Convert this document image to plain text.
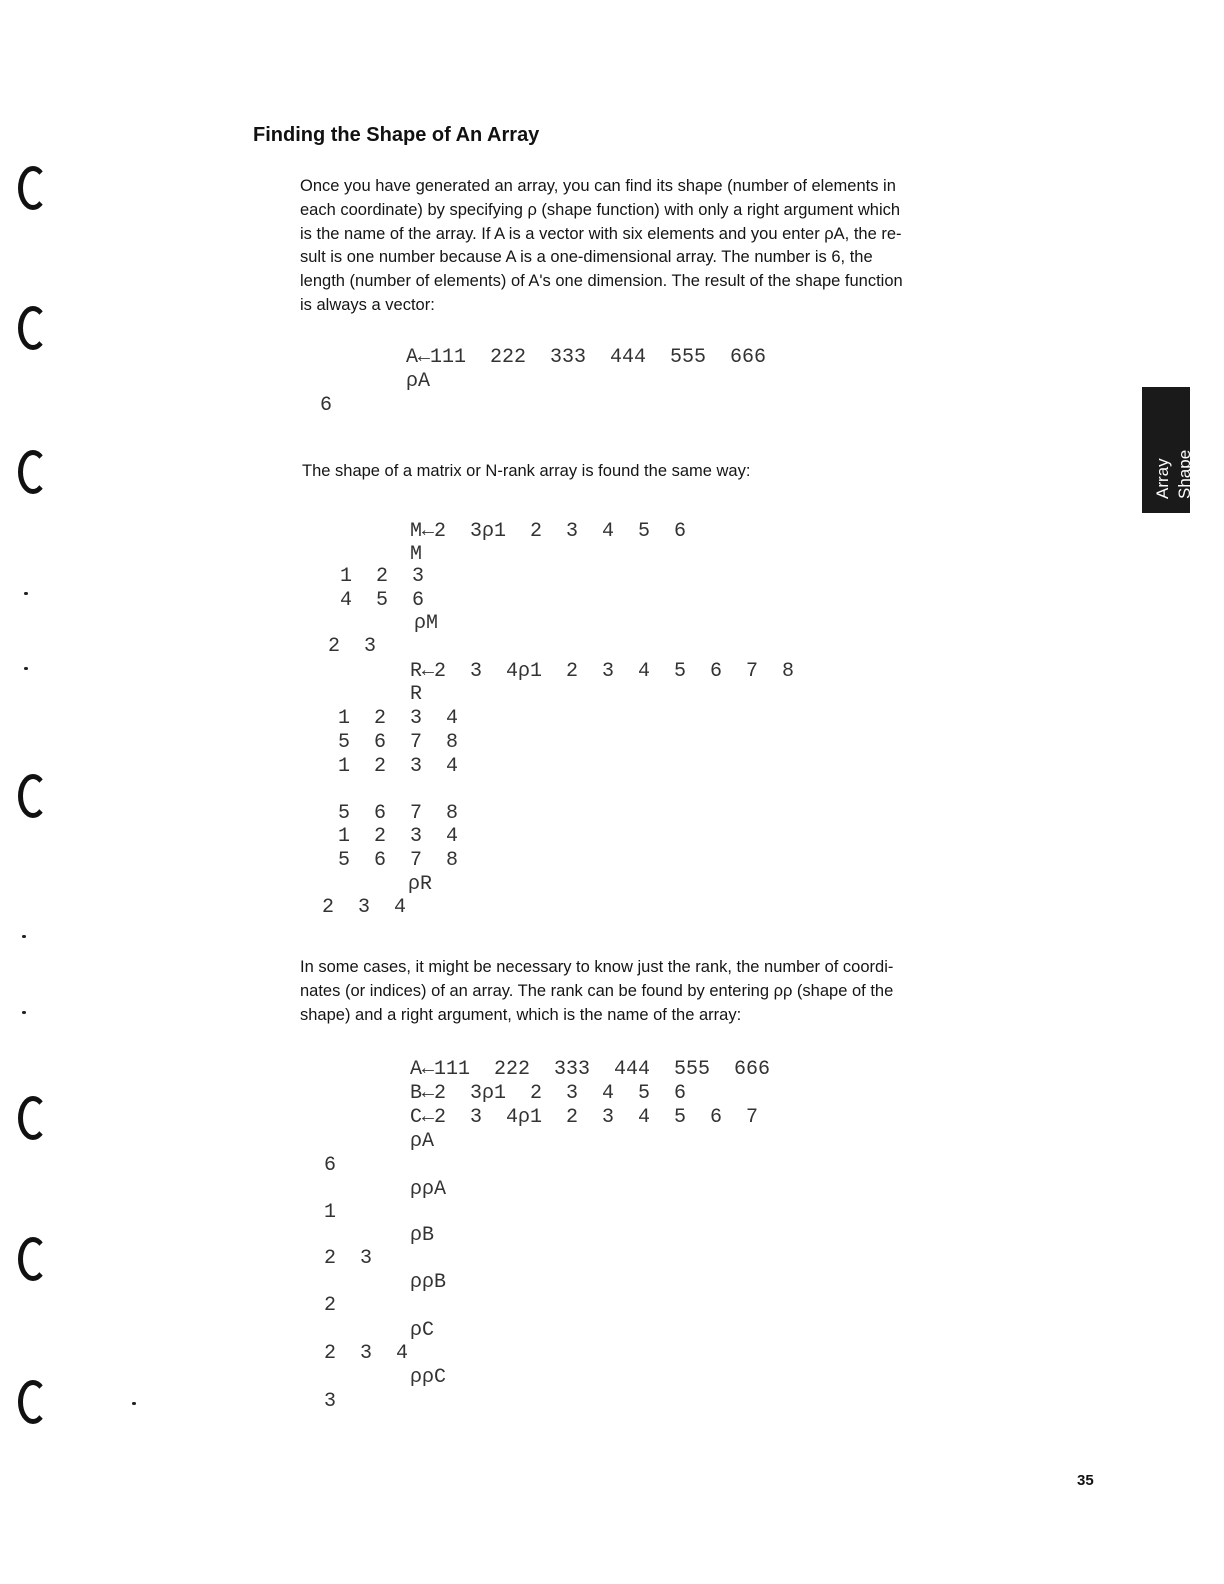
Finding the Shape of An Array

Once you have generated an array, you can find its shape (number of elements in

each coordinate) by specifying ρ (shape function) with only a right argument which

is the name of the array. If A is a vector with six elements and you enter ρA, the re-

sult is one number because A is a one-dimensional array. The number is 6, the

length (number of elements) of A's one dimension. The result of the shape function

is always a vector:

A←111  222  333  444  555  666
ρA
6

The shape of a matrix or N-rank array is found the same way:

M←2  3ρ1  2  3  4  5  6
M
1  2  3
4  5  6
ρM
2  3
R←2  3  4ρ1  2  3  4  5  6  7  8
R
1  2  3  4
5  6  7  8
1  2  3  4
5  6  7  8
1  2  3  4
5  6  7  8
ρR
2  3  4

In some cases, it might be necessary to know just the rank, the number of coordi-

nates (or indices) of an array. The rank can be found by entering ρρ (shape of the

shape) and a right argument, which is the name of the array:

A←111  222  333  444  555  666
B←2  3ρ1  2  3  4  5  6
C←2  3  4ρ1  2  3  4  5  6  7
ρA
6
ρρA
1
ρB
2  3
ρρB
2
ρC
2  3  4
ρρC
3
Array Shape
35
